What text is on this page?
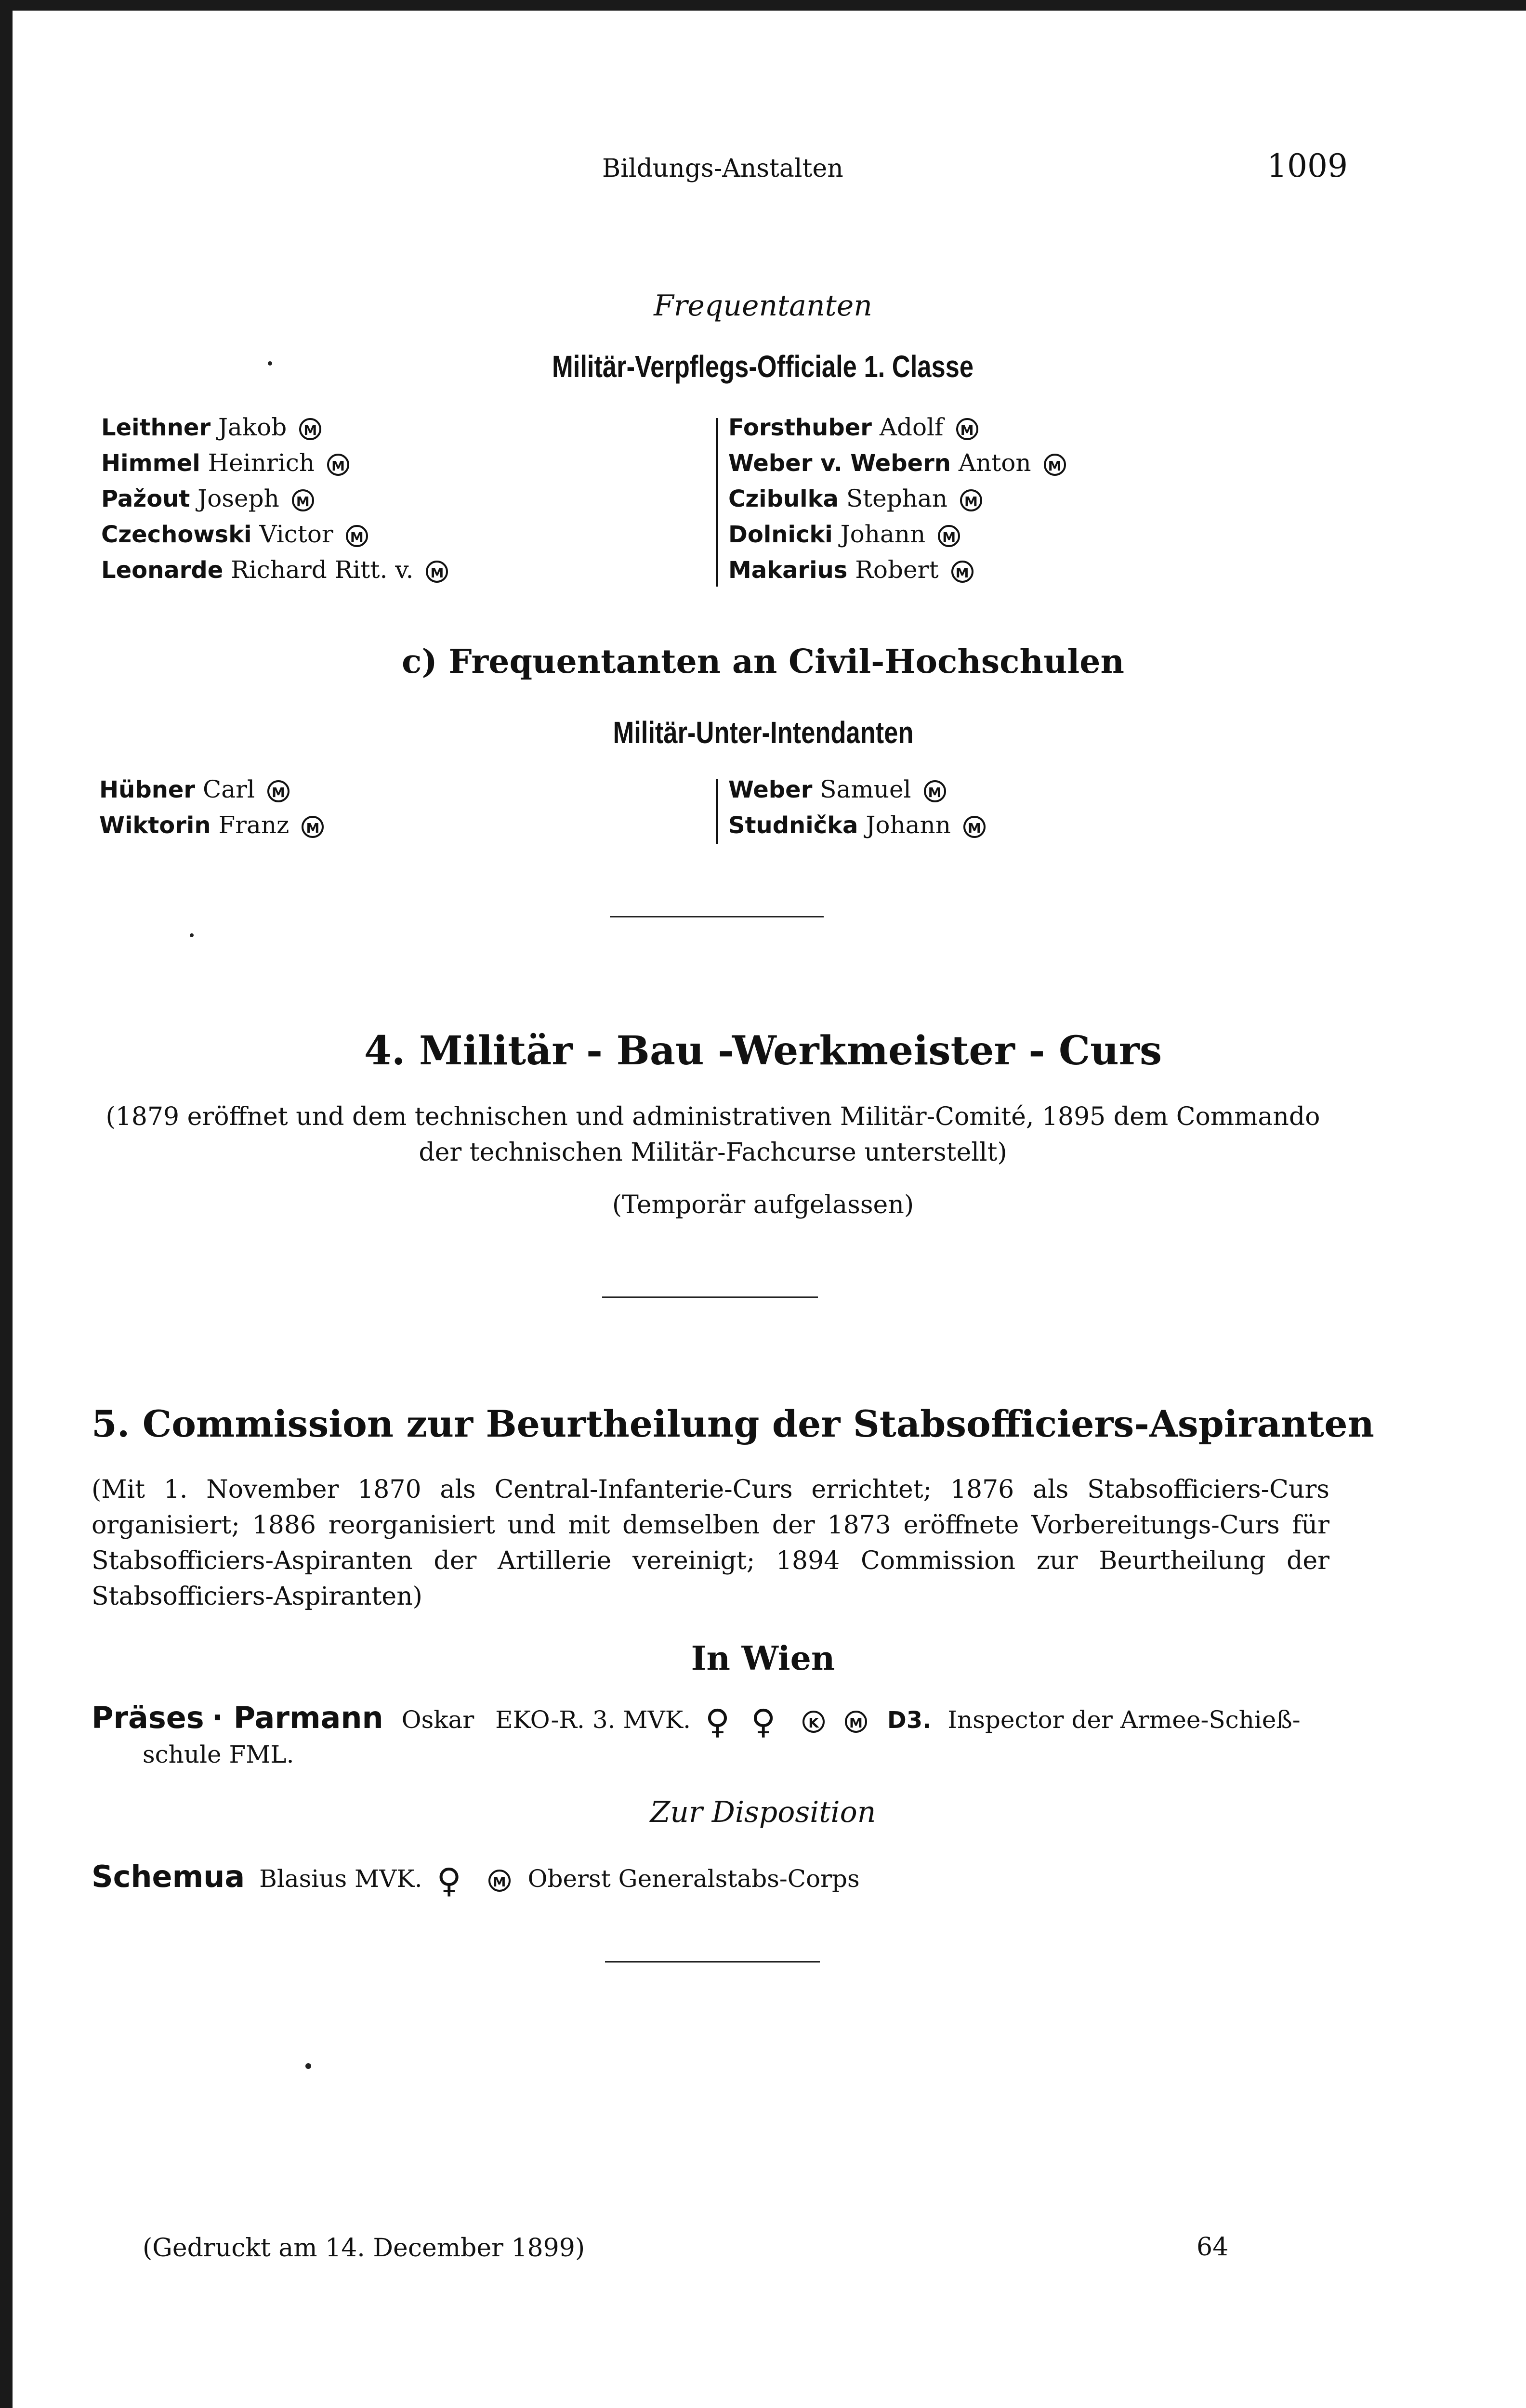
Bildungs-Anstalten	1009
Frequentanten
Militär-Verpflegs-Officiale 1. Classe
Leithner Jakob M
Himmel Heinrich M
Pažout Joseph M
Czechowski Victor M
Leonarde Richard Ritt. v. M
Forsthuber Adolf M
Weber v. Webern Anton M
Czibulka Stephan M
Dolnicki Johann M
Makarius Robert M
c) Frequentanten an Civil-Hochschulen
Militär-Unter-Intendanten
Hübner Carl M
Wiktorin Franz M
Weber Samuel M
Studnička Johann M
4. Militär - Bau -Werkmeister - Curs
(1879 eröffnet und dem technischen und administrativen Militär-Comité, 1895 dem Commando der technischen Militär-Fachcurse unterstellt)
(Temporär aufgelassen)
5. Commission zur Beurtheilung der Stabsofficiers-Aspiranten
(Mit 1. November 1870 als Central-Infanterie-Curs errichtet; 1876 als Stabsofficiers-Curs organisiert; 1886 reorganisiert und mit demselben der 1873 eröffnete Vorbereitungs-Curs für Stabsofficiers-Aspiranten der Artillerie vereinigt; 1894 Commission zur Beurtheilung der Stabsofficiers-Aspiranten)
In Wien
Präses · Parmann Oskar EKO-R. 3. MVK. ♀︎ ♀︎ K M D3. Inspector der Armee-Schieß-
schule FML.
Zur Disposition
Schemua Blasius MVK. ♀︎ M Oberst Generalstabs-Corps
(Gedruckt am 14. December 1899)	64
